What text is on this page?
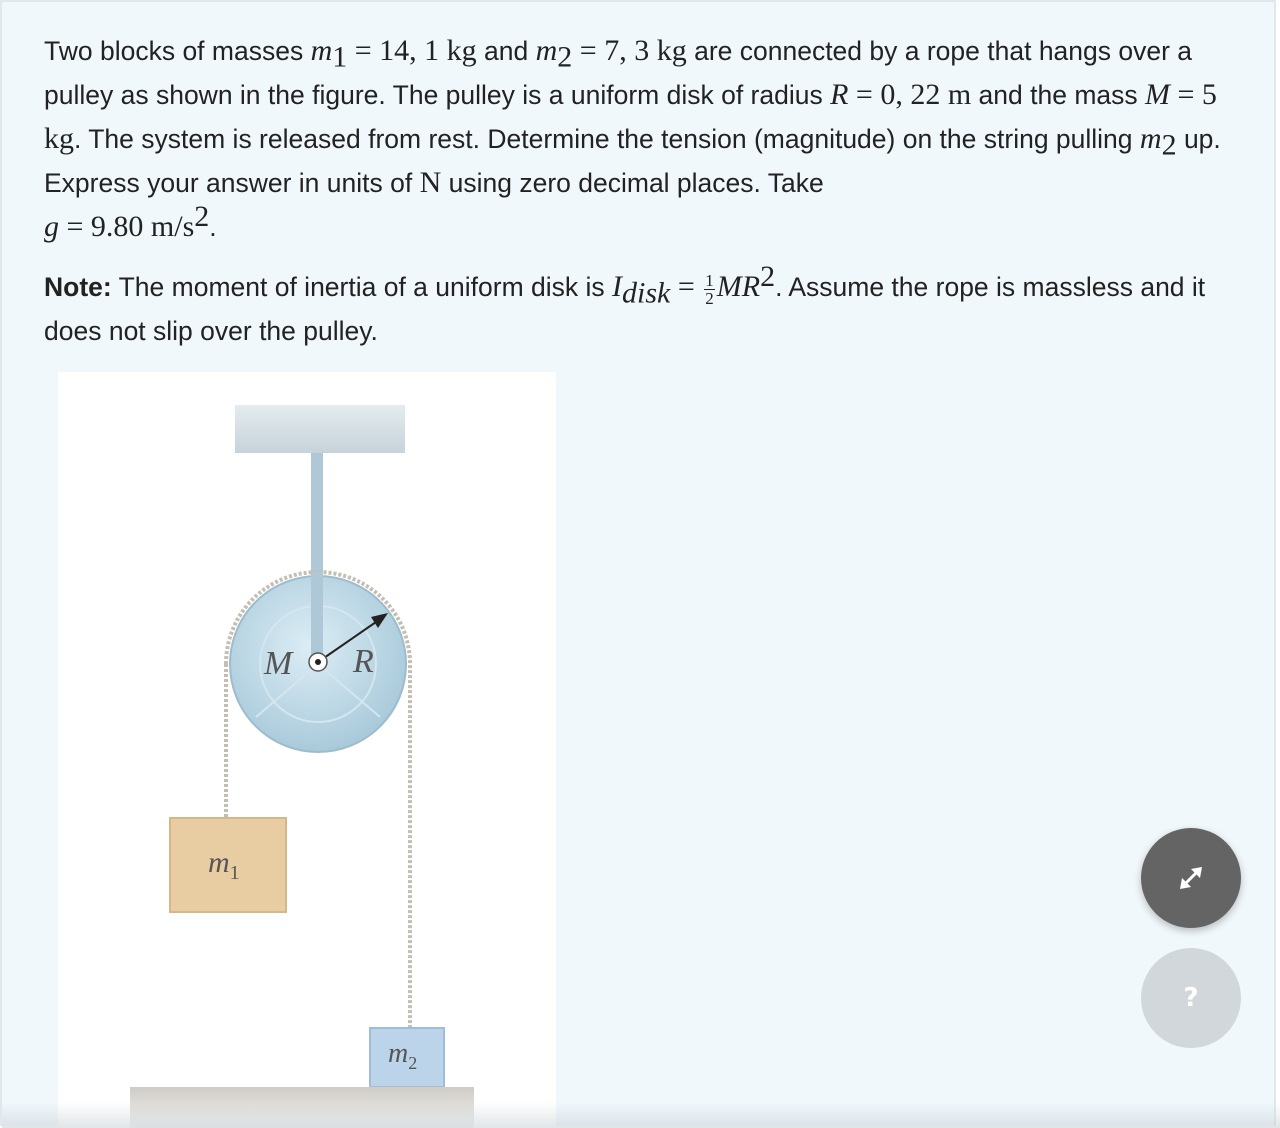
Two blocks of masses $m_1 = 14$, 1 kg and $m_2 = 7$, 3 kg are connected by a rope that hangs over a pulley as shown in the figure. The pulley is a uniform disk of radius R = 0, 22 m and the mass M = 5 kg. The system is released from rest. Determine the tension (magnitude) on the string pulling $m_2$ up. Express your answer in units of N using zero decimal places. Take
g = 9.80 $m/s^2$.

Note: The moment of inertia of a uniform disk is $I_{disk} = \frac{1}{2} MR^2$. Assume the rope is massless and it does not slip over the pulley.

M R
$m_1$
$m_2$
?
